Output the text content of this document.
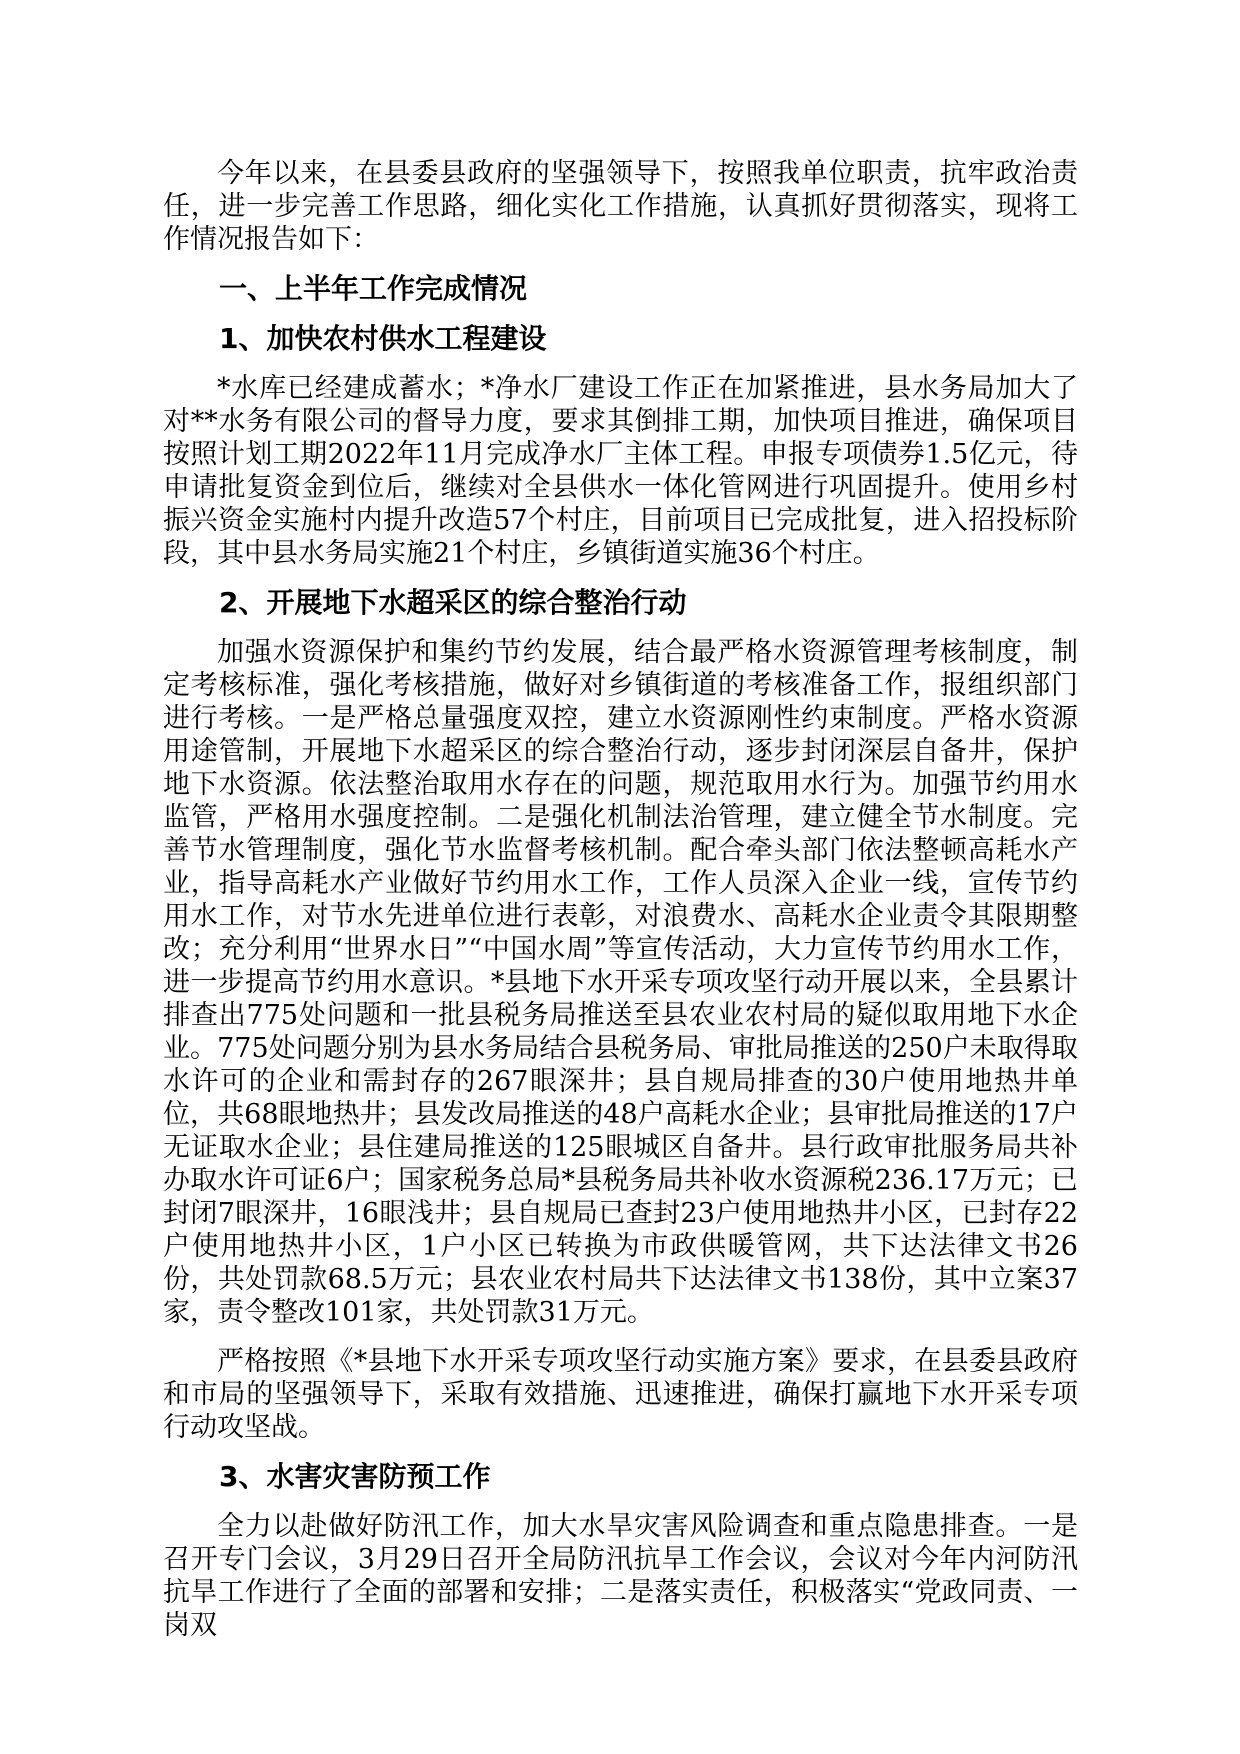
今年以来，在县委县政府的坚强领导下，按照我单位职责，抗牢政治责任，进一步完善工作思路，细化实化工作措施，认真抓好贯彻落实，现将工作情况报告如下：

一、上半年工作完成情况
1、加快农村供水工程建设

*水库已经建成蓄水；*净水厂建设工作正在加紧推进，县水务局加大了对**水务有限公司的督导力度，要求其倒排工期，加快项目推进，确保项目按照计划工期2022年11月完成净水厂主体工程。申报专项债券1.5亿元，待申请批复资金到位后，继续对全县供水一体化管网进行巩固提升。使用乡村振兴资金实施村内提升改造57个村庄，目前项目已完成批复，进入招投标阶段，其中县水务局实施21个村庄，乡镇街道实施36个村庄。

2、开展地下水超采区的综合整治行动

加强水资源保护和集约节约发展，结合最严格水资源管理考核制度，制定考核标准，强化考核措施，做好对乡镇街道的考核准备工作，报组织部门进行考核。一是严格总量强度双控，建立水资源刚性约束制度。严格水资源用途管制，开展地下水超采区的综合整治行动，逐步封闭深层自备井，保护地下水资源。依法整治取用水存在的问题，规范取用水行为。加强节约用水监管，严格用水强度控制。二是强化机制法治管理，建立健全节水制度。完善节水管理制度，强化节水监督考核机制。配合牵头部门依法整顿高耗水产业，指导高耗水产业做好节约用水工作，工作人员深入企业一线，宣传节约用水工作，对节水先进单位进行表彰，对浪费水、高耗水企业责令其限期整改；充分利用“世界水日”“中国水周”等宣传活动，大力宣传节约用水工作，进一步提高节约用水意识。*县地下水开采专项攻坚行动开展以来，全县累计排查出775处问题和一批县税务局推送至县农业农村局的疑似取用地下水企业。775处问题分别为县水务局结合县税务局、审批局推送的250户未取得取水许可的企业和需封存的267眼深井；县自规局排查的30户使用地热井单位，共68眼地热井；县发改局推送的48户高耗水企业；县审批局推送的17户无证取水企业；县住建局推送的125眼城区自备井。县行政审批服务局共补办取水许可证6户；国家税务总局*县税务局共补收水资源税236.17万元；已封闭7眼深井，16眼浅井；县自规局已查封23户使用地热井小区，已封存22户使用地热井小区，1户小区已转换为市政供暖管网，共下达法律文书26份，共处罚款68.5万元；县农业农村局共下达法律文书138份，其中立案37家，责令整改101家，共处罚款31万元。

严格按照《*县地下水开采专项攻坚行动实施方案》要求，在县委县政府和市局的坚强领导下，采取有效措施、迅速推进，确保打赢地下水开采专项行动攻坚战。

3、水害灾害防预工作

全力以赴做好防汛工作，加大水旱灾害风险调查和重点隐患排查。一是召开专门会议，3月29日召开全局防汛抗旱工作会议，会议对今年内河防汛抗旱工作进行了全面的部署和安排；二是落实责任，积极落实“党政同责、一岗双
